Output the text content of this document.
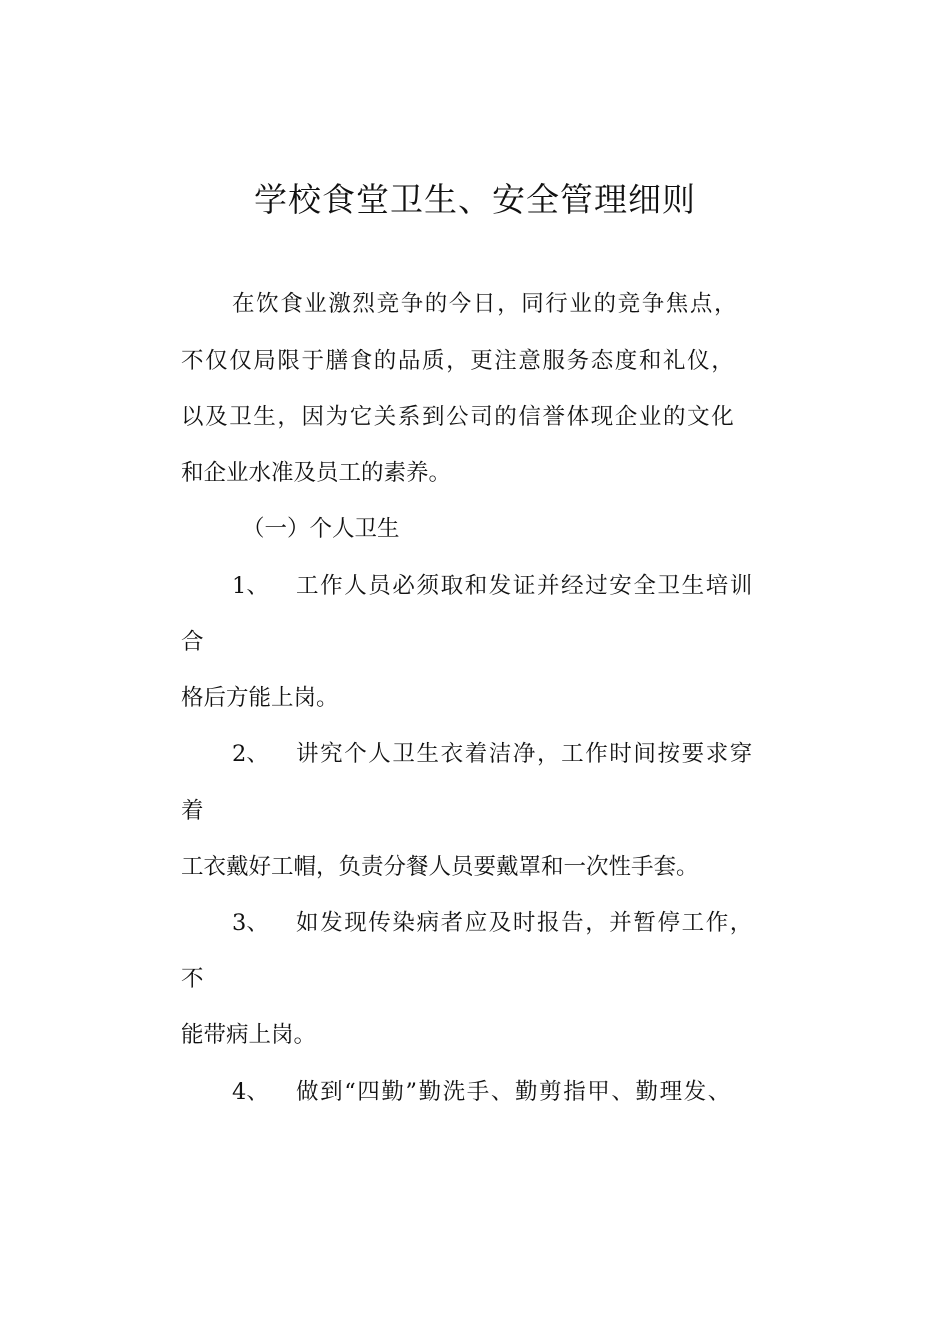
学校食堂卫生、安全管理细则
在饮食业激烈竞争的今日，同行业的竞争焦点，
不仅仅局限于膳食的品质，更注意服务态度和礼仪，
以及卫生，因为它关系到公司的信誉体现企业的文化
和企业水准及员工的素养。
（一）个人卫生
1、 工作人员必须取和发证并经过安全卫生培训
合
格后方能上岗。
2、 讲究个人卫生衣着洁净，工作时间按要求穿
着
工衣戴好工帽，负责分餐人员要戴罩和一次性手套。
3、 如发现传染病者应及时报告，并暂停工作，
不
能带病上岗。
4、 做到“四勤”勤洗手、勤剪指甲、勤理发、
